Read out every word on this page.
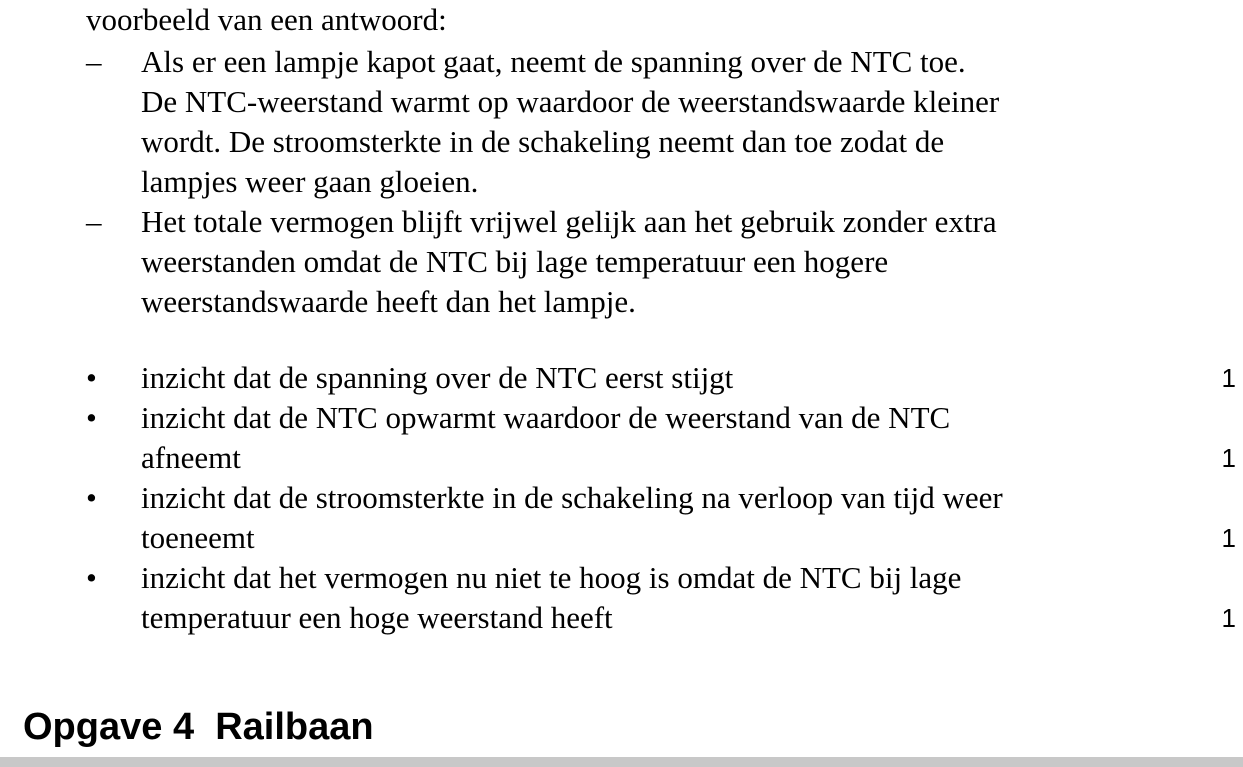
voorbeeld van een antwoord:
– Als er een lampje kapot gaat, neemt de spanning over de NTC toe.
De NTC-weerstand warmt op waardoor de weerstandswaarde kleiner
wordt. De stroomsterkte in de schakeling neemt dan toe zodat de
lampjes weer gaan gloeien.
– Het totale vermogen blijft vrijwel gelijk aan het gebruik zonder extra
weerstanden omdat de NTC bij lage temperatuur een hogere
weerstandswaarde heeft dan het lampje.
• inzicht dat de spanning over de NTC eerst stijgt	1
• inzicht dat de NTC opwarmt waardoor de weerstand van de NTC
afneemt	1
• inzicht dat de stroomsterkte in de schakeling na verloop van tijd weer
toeneemt	1
• inzicht dat het vermogen nu niet te hoog is omdat de NTC bij lage
temperatuur een hoge weerstand heeft	1
Opgave 4  Railbaan
